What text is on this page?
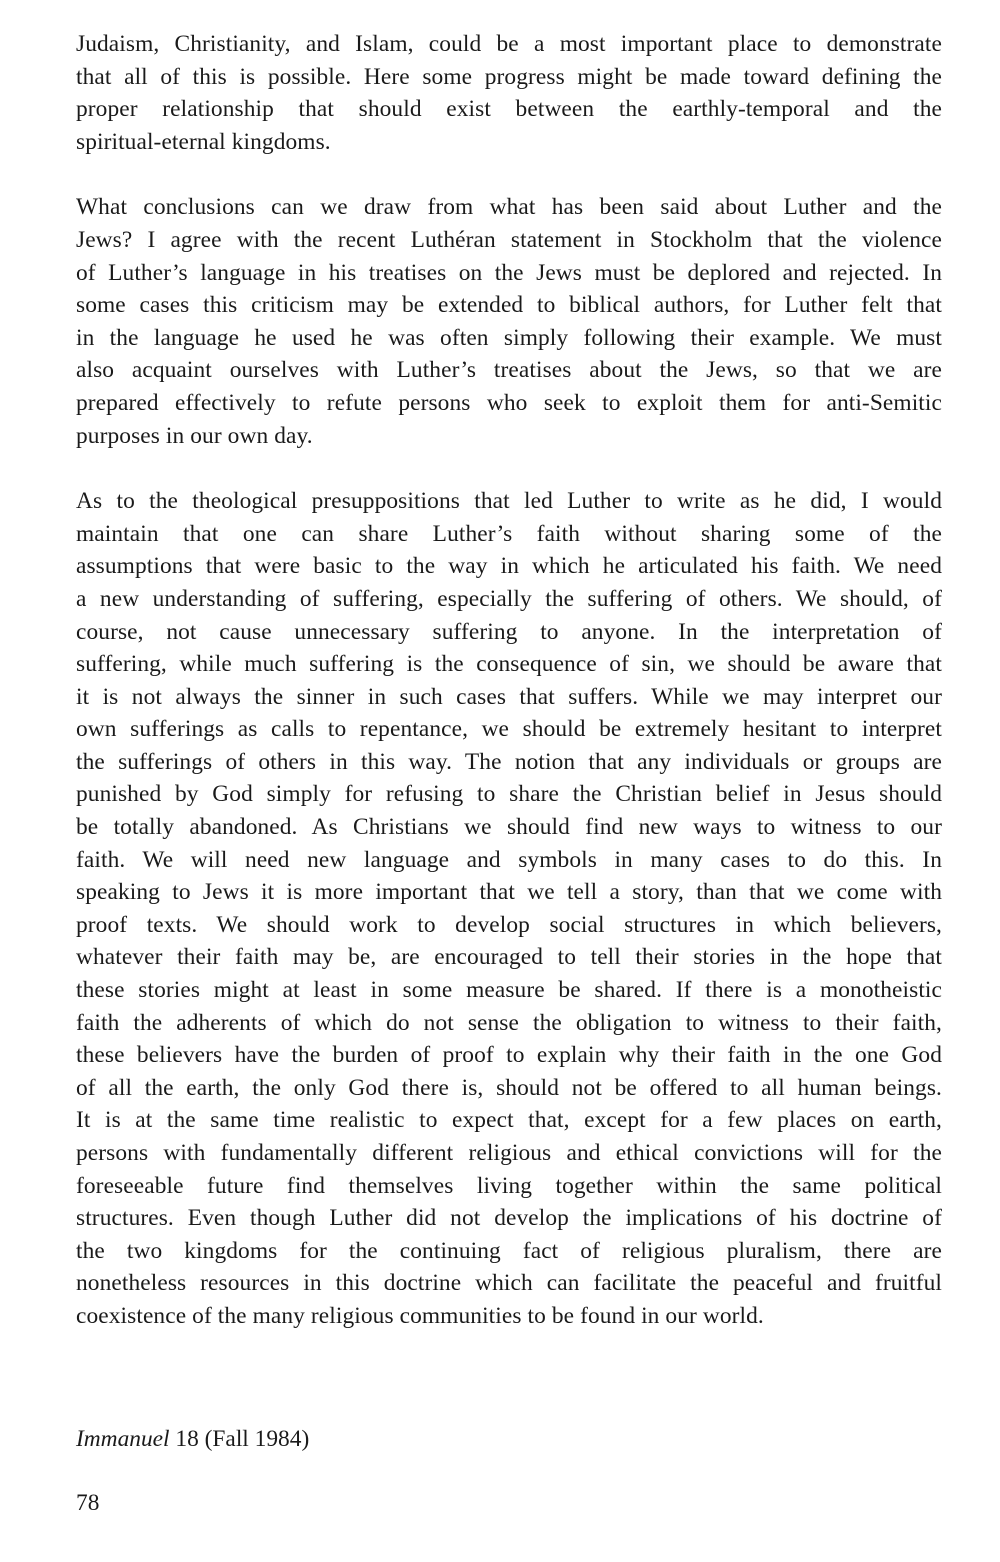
Judaism, Christianity, and Islam, could be a most important place to demonstrate
that all of this is possible. Here some progress might be made toward defining the
proper relationship that should exist between the earthly-temporal and the
spiritual-eternal kingdoms.

What conclusions can we draw from what has been said about Luther and the
Jews? I agree with the recent Luthéran statement in Stockholm that the violence
of Luther’s language in his treatises on the Jews must be deplored and rejected. In
some cases this criticism may be extended to biblical authors, for Luther felt that
in the language he used he was often simply following their example. We must
also acquaint ourselves with Luther’s treatises about the Jews, so that we are
prepared effectively to refute persons who seek to exploit them for anti-Semitic
purposes in our own day.

As to the theological presuppositions that led Luther to write as he did, I would
maintain that one can share Luther’s faith without sharing some of the
assumptions that were basic to the way in which he articulated his faith. We need
a new understanding of suffering, especially the suffering of others. We should, of
course, not cause unnecessary suffering to anyone. In the interpretation of
suffering, while much suffering is the consequence of sin, we should be aware that
it is not always the sinner in such cases that suffers. While we may interpret our
own sufferings as calls to repentance, we should be extremely hesitant to interpret
the sufferings of others in this way. The notion that any individuals or groups are
punished by God simply for refusing to share the Christian belief in Jesus should
be totally abandoned. As Christians we should find new ways to witness to our
faith. We will need new language and symbols in many cases to do this. In
speaking to Jews it is more important that we tell a story, than that we come with
proof texts. We should work to develop social structures in which believers,
whatever their faith may be, are encouraged to tell their stories in the hope that
these stories might at least in some measure be shared. If there is a monotheistic
faith the adherents of which do not sense the obligation to witness to their faith,
these believers have the burden of proof to explain why their faith in the one God
of all the earth, the only God there is, should not be offered to all human beings.
It is at the same time realistic to expect that, except for a few places on earth,
persons with fundamentally different religious and ethical convictions will for the
foreseeable future find themselves living together within the same political
structures. Even though Luther did not develop the implications of his doctrine of
the two kingdoms for the continuing fact of religious pluralism, there are
nonetheless resources in this doctrine which can facilitate the peaceful and fruitful
coexistence of the many religious communities to be found in our world.

Immanuel 18 (Fall 1984)
78
